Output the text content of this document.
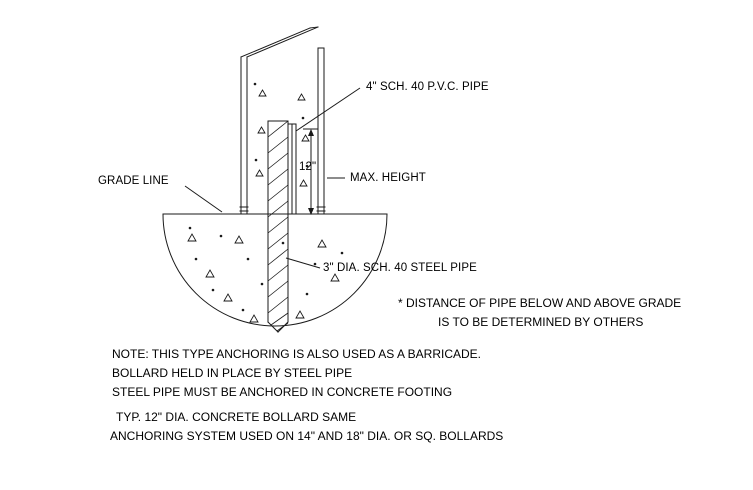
4" SCH. 40 P.V.C. PIPE
12"
MAX. HEIGHT
GRADE LINE
3" DIA. SCH. 40 STEEL PIPE
* DISTANCE OF PIPE BELOW AND ABOVE GRADE
IS TO BE DETERMINED BY OTHERS
NOTE: THIS TYPE ANCHORING IS ALSO USED AS A BARRICADE.
BOLLARD HELD IN PLACE BY STEEL PIPE
STEEL PIPE MUST BE ANCHORED IN CONCRETE FOOTING
TYP. 12" DIA. CONCRETE BOLLARD SAME
ANCHORING SYSTEM USED ON 14" AND 18" DIA. OR SQ. BOLLARDS
